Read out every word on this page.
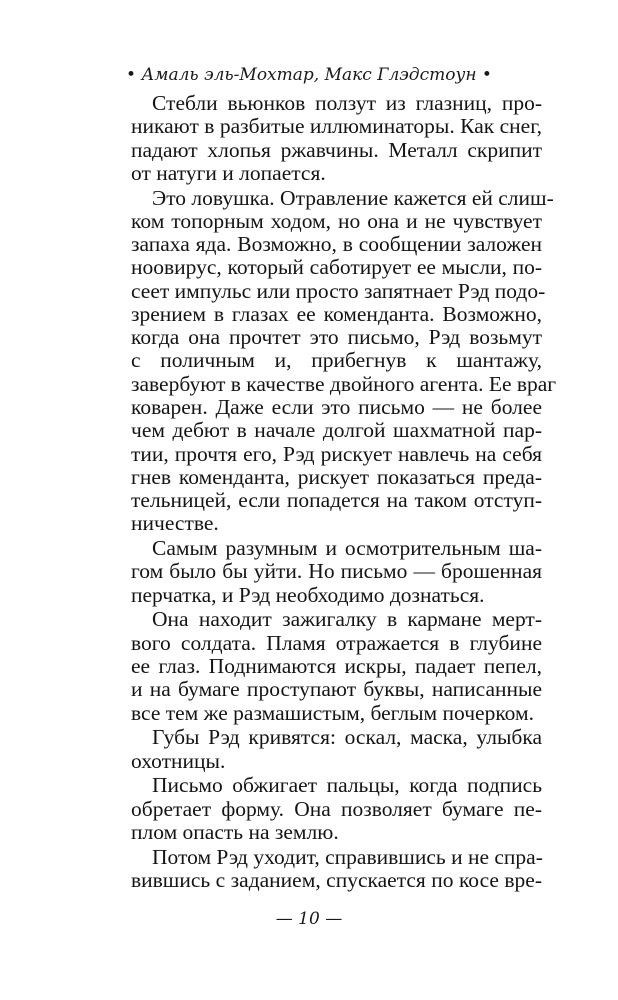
• Амаль эль-Мохтар, Макс Глэдстоун •
Стебли вьюнков ползут из глазниц, про-
никают в разбитые иллюминаторы. Как снег,
падают хлопья ржавчины. Металл скрипит
от натуги и лопается.
Это ловушка. Отравление кажется ей слиш-
ком топорным ходом, но она и не чувствует
запаха яда. Возможно, в сообщении заложен
нoовирус, который саботирует ее мысли, по-
сеет импульс или просто запятнает Рэд подо-
зрением в глазах ее коменданта. Возможно,
когда она прочтет это письмо, Рэд возьмут
с поличным и, прибегнув к шантажу,
завербуют в качестве двойного агента. Ее враг
коварен. Даже если это письмо — не более
чем дебют в начале долгой шахматной пар-
тии, прочтя его, Рэд рискует навлечь на себя
гнев коменданта, рискует показаться преда-
тельницей, если попадется на таком отступ-
ничестве.
Самым разумным и осмотрительным ша-
гом было бы уйти. Но письмо — брошенная
перчатка, и Рэд необходимо дознаться.
Она находит зажигалку в кармане мерт-
вого солдата. Пламя отражается в глубине
ее глаз. Поднимаются искры, падает пепел,
и на бумаге проступают буквы, написанные
все тем же размашистым, беглым почерком.
Губы Рэд кривятся: оскал, маска, улыбка
охотницы.
Письмо обжигает пальцы, когда подпись
обретает форму. Она позволяет бумаге пе-
плом опасть на землю.
Потом Рэд уходит, справившись и не спра-
вившись с заданием, спускается по косе вре-
— 10 —
